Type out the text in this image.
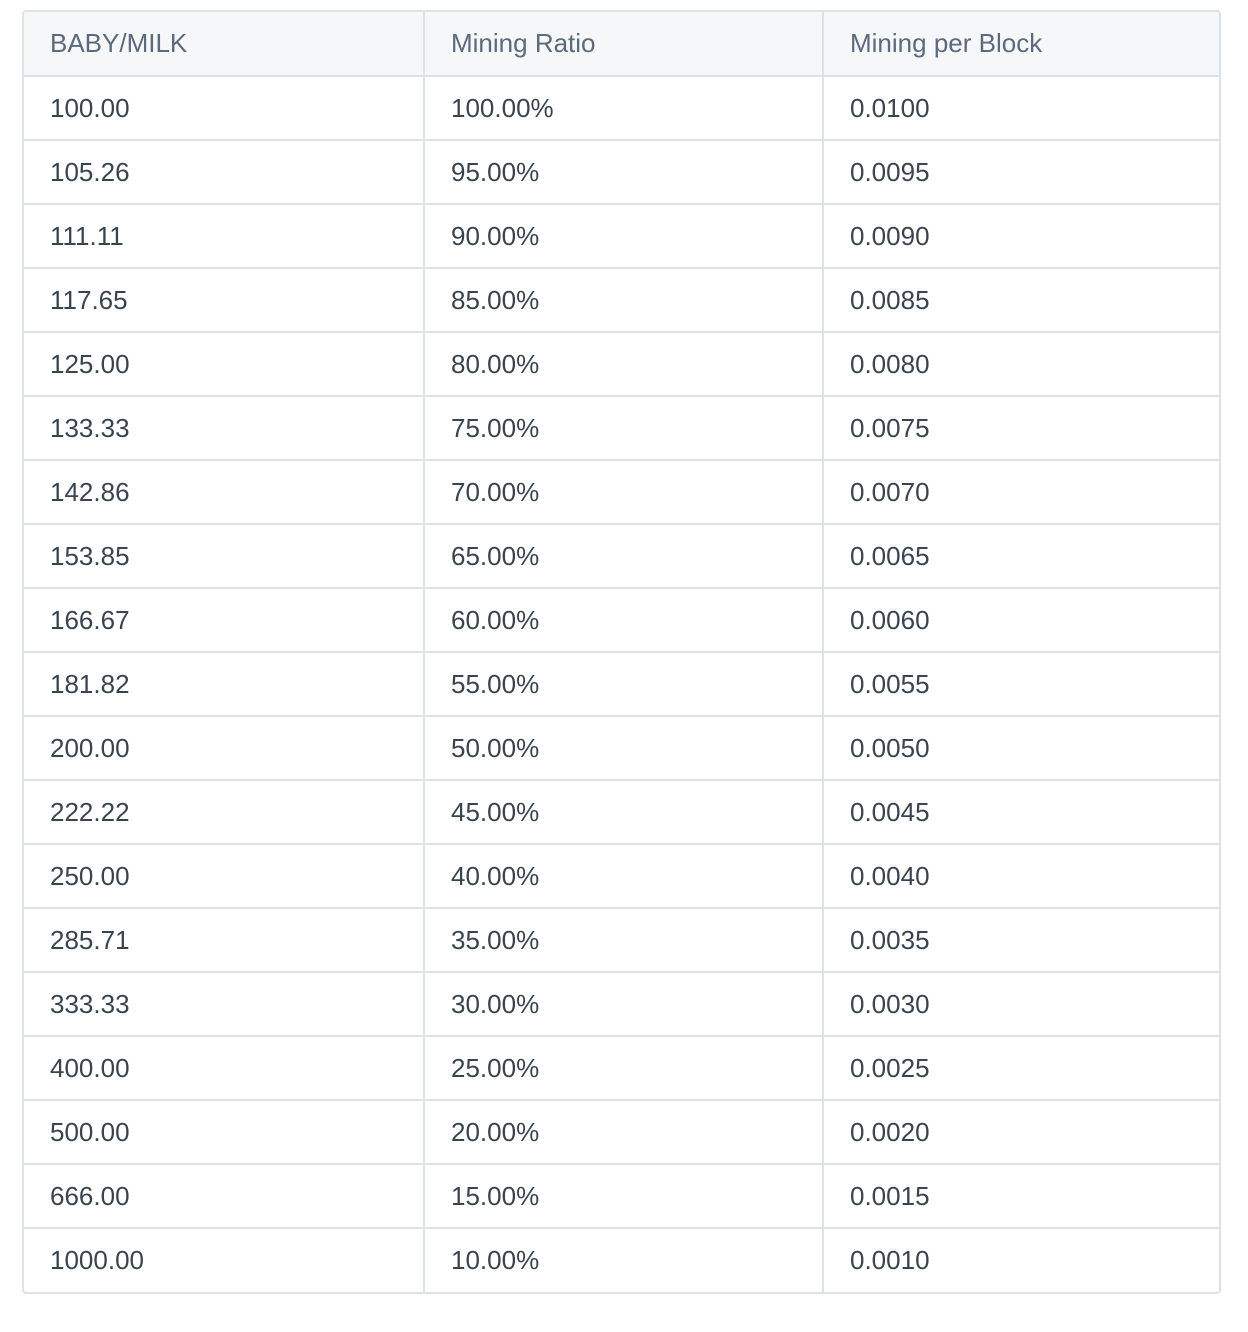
BABY/MILK	Mining Ratio	Mining per Block
100.00	100.00%	0.0100
105.26	95.00%	0.0095
111.11	90.00%	0.0090
117.65	85.00%	0.0085
125.00	80.00%	0.0080
133.33	75.00%	0.0075
142.86	70.00%	0.0070
153.85	65.00%	0.0065
166.67	60.00%	0.0060
181.82	55.00%	0.0055
200.00	50.00%	0.0050
222.22	45.00%	0.0045
250.00	40.00%	0.0040
285.71	35.00%	0.0035
333.33	30.00%	0.0030
400.00	25.00%	0.0025
500.00	20.00%	0.0020
666.00	15.00%	0.0015
1000.00	10.00%	0.0010
